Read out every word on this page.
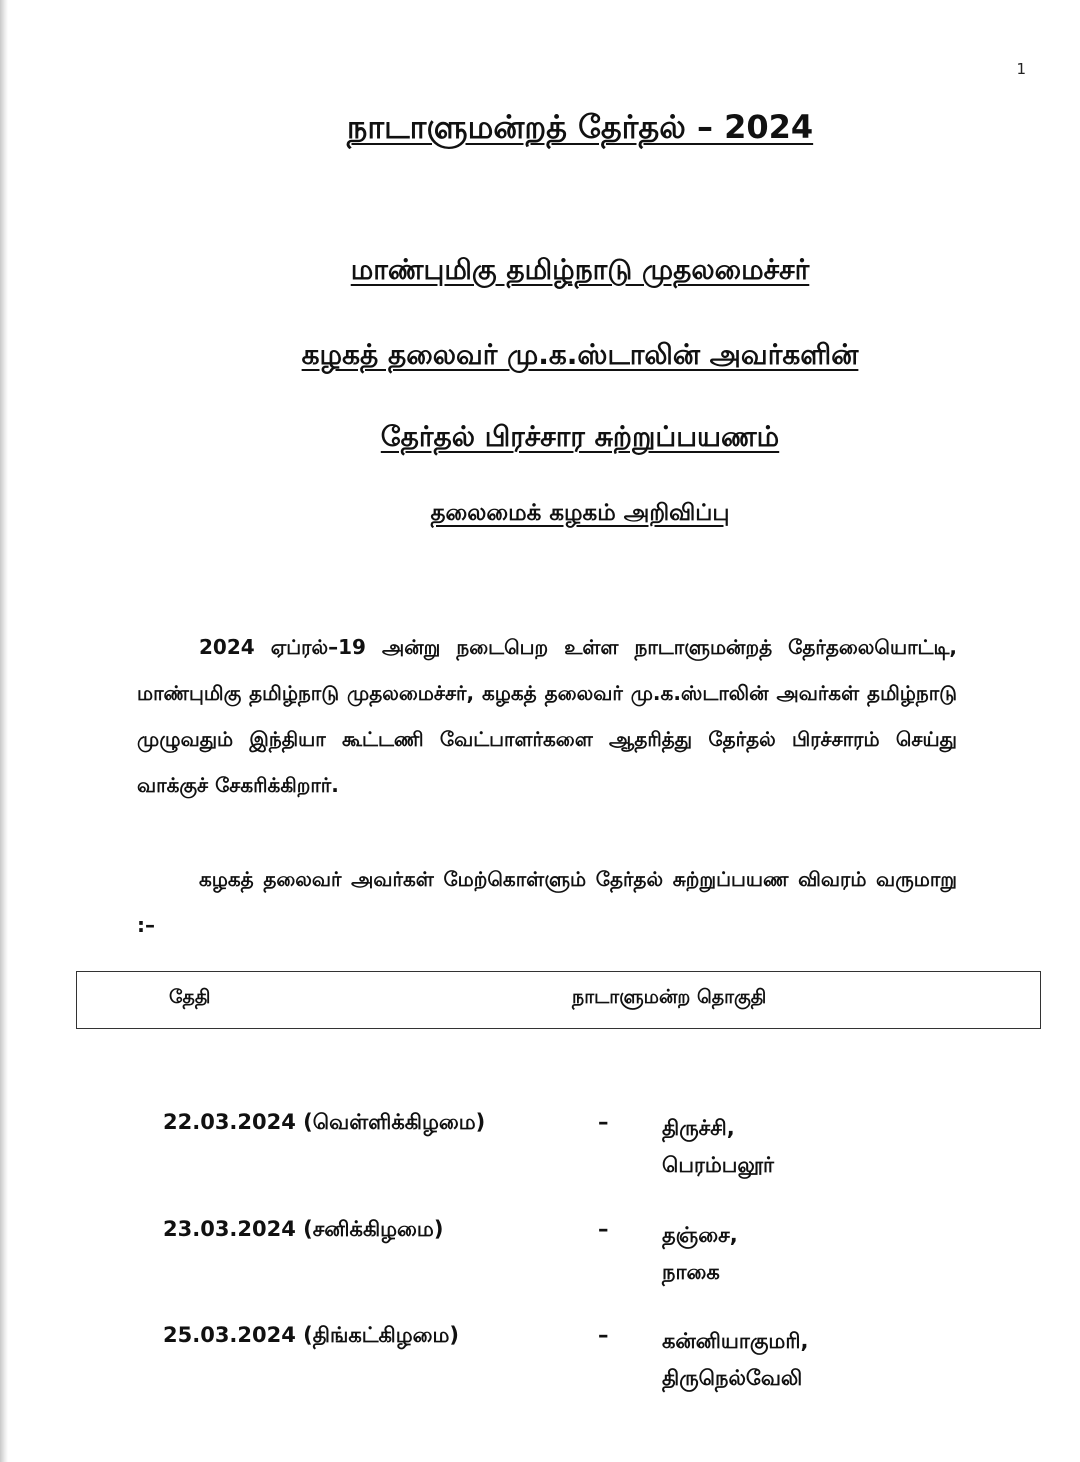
1
நாடாளுமன்றத் தேர்தல் – 2024
மாண்புமிகு தமிழ்நாடு முதலமைச்சர்
கழகத் தலைவர் மு.க.ஸ்டாலின் அவர்களின்
தேர்தல் பிரச்சார சுற்றுப்பயணம்
தலைமைக் கழகம் அறிவிப்பு
2024 ஏப்ரல்–19 அன்று நடைபெற உள்ள நாடாளுமன்றத் தேர்தலையொட்டி, மாண்புமிகு தமிழ்நாடு முதலமைச்சர், கழகத் தலைவர் மு.க.ஸ்டாலின் அவர்கள் தமிழ்நாடு முழுவதும் இந்தியா கூட்டணி வேட்பாளர்களை ஆதரித்து தேர்தல் பிரச்சாரம் செய்து வாக்குச் சேகரிக்கிறார்.
கழகத் தலைவர் அவர்கள் மேற்கொள்ளும் தேர்தல் சுற்றுப்பயண விவரம் வருமாறு :–
தேதி	நாடாளுமன்ற தொகுதி
22.03.2024 (வெள்ளிக்கிழமை)	–	திருச்சி,
பெரம்பலூர்
23.03.2024 (சனிக்கிழமை)	–	தஞ்சை,
நாகை
25.03.2024 (திங்கட்கிழமை)	–	கன்னியாகுமரி,
திருநெல்வேலி
